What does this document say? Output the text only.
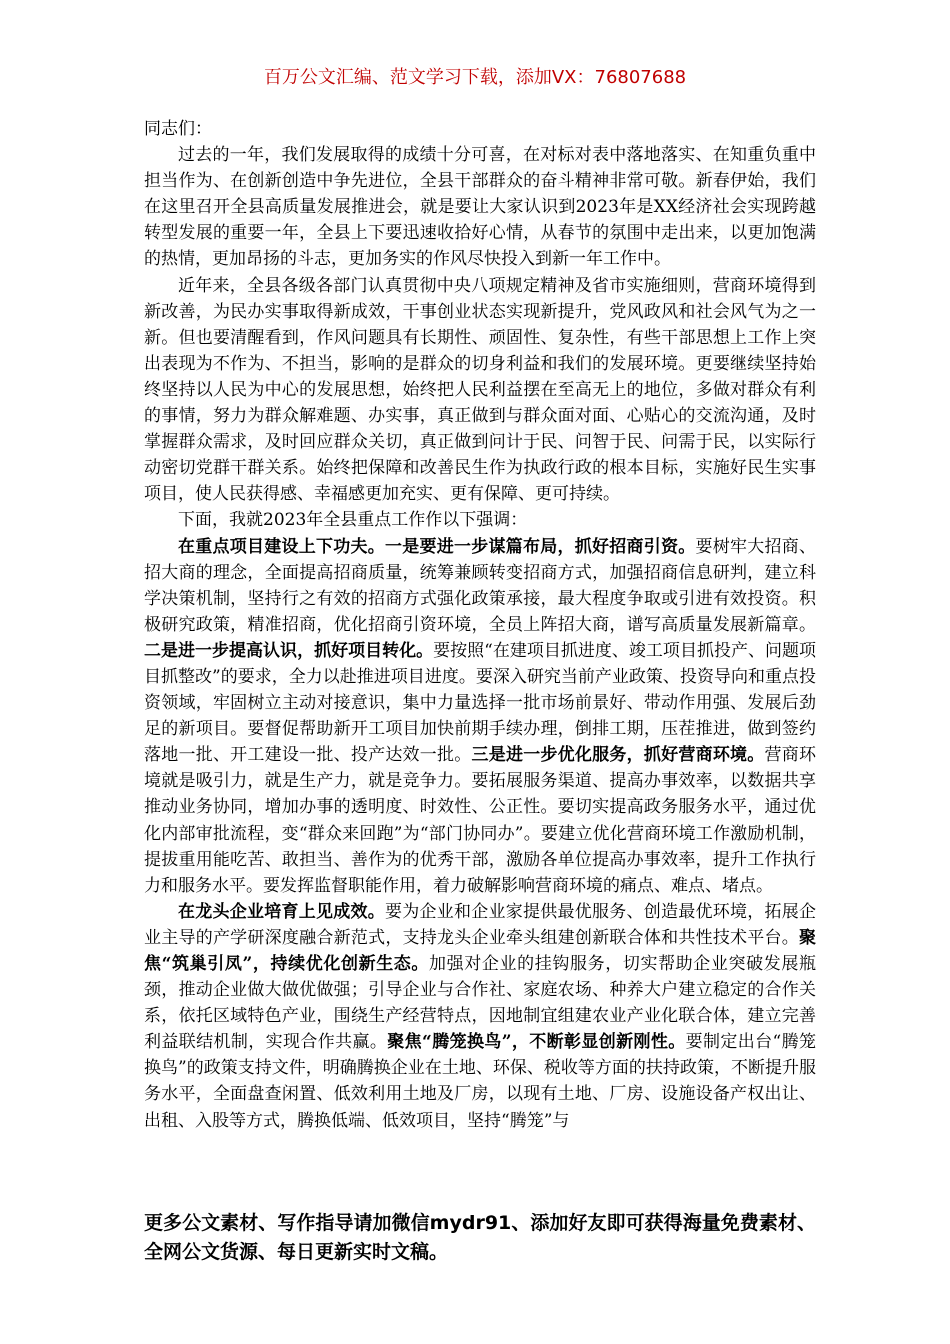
百万公文汇编、范文学习下载，添加VX：76807688

同志们：

过去的一年，我们发展取得的成绩十分可喜，在对标对表中落地落实、在知重负重中担当作为、在创新创造中争先进位，全县干部群众的奋斗精神非常可敬。新春伊始，我们在这里召开全县高质量发展推进会，就是要让大家认识到2023年是XX经济社会实现跨越转型发展的重要一年，全县上下要迅速收拾好心情，从春节的氛围中走出来，以更加饱满的热情，更加昂扬的斗志，更加务实的作风尽快投入到新一年工作中。

近年来，全县各级各部门认真贯彻中央八项规定精神及省市实施细则，营商环境得到新改善，为民办实事取得新成效，干事创业状态实现新提升，党风政风和社会风气为之一新。但也要清醒看到，作风问题具有长期性、顽固性、复杂性，有些干部思想上工作上突出表现为不作为、不担当，影响的是群众的切身利益和我们的发展环境。更要继续坚持始终坚持以人民为中心的发展思想，始终把人民利益摆在至高无上的地位，多做对群众有利的事情，努力为群众解难题、办实事，真正做到与群众面对面、心贴心的交流沟通，及时掌握群众需求，及时回应群众关切，真正做到问计于民、问智于民、问需于民，以实际行动密切党群干群关系。始终把保障和改善民生作为执政行政的根本目标，实施好民生实事项目，使人民获得感、幸福感更加充实、更有保障、更可持续。

下面，我就2023年全县重点工作作以下强调：

在重点项目建设上下功夫。一是要进一步谋篇布局，抓好招商引资。要树牢大招商、招大商的理念，全面提高招商质量，统筹兼顾转变招商方式，加强招商信息研判，建立科学决策机制，坚持行之有效的招商方式强化政策承接，最大程度争取或引进有效投资。积极研究政策，精准招商，优化招商引资环境，全员上阵招大商，谱写高质量发展新篇章。二是进一步提高认识，抓好项目转化。要按照“在建项目抓进度、竣工项目抓投产、问题项目抓整改”的要求，全力以赴推进项目进度。要深入研究当前产业政策、投资导向和重点投资领域，牢固树立主动对接意识，集中力量选择一批市场前景好、带动作用强、发展后劲足的新项目。要督促帮助新开工项目加快前期手续办理，倒排工期，压茬推进，做到签约落地一批、开工建设一批、投产达效一批。三是进一步优化服务，抓好营商环境。营商环境就是吸引力，就是生产力，就是竞争力。要拓展服务渠道、提高办事效率，以数据共享推动业务协同，增加办事的透明度、时效性、公正性。要切实提高政务服务水平，通过优化内部审批流程，变“群众来回跑”为“部门协同办”。要建立优化营商环境工作激励机制，提拔重用能吃苦、敢担当、善作为的优秀干部，激励各单位提高办事效率，提升工作执行力和服务水平。要发挥监督职能作用，着力破解影响营商环境的痛点、难点、堵点。

在龙头企业培育上见成效。要为企业和企业家提供最优服务、创造最优环境，拓展企业主导的产学研深度融合新范式，支持龙头企业牵头组建创新联合体和共性技术平台。聚焦“筑巢引凤”，持续优化创新生态。加强对企业的挂钩服务，切实帮助企业突破发展瓶颈，推动企业做大做优做强；引导企业与合作社、家庭农场、种养大户建立稳定的合作关系，依托区域特色产业，围绕生产经营特点，因地制宜组建农业产业化联合体，建立完善利益联结机制，实现合作共赢。聚焦“腾笼换鸟”，不断彰显创新刚性。要制定出台“腾笼换鸟”的政策支持文件，明确腾换企业在土地、环保、税收等方面的扶持政策，不断提升服务水平，全面盘查闲置、低效利用土地及厂房，以现有土地、厂房、设施设备产权出让、出租、入股等方式，腾换低端、低效项目，坚持“腾笼”与

更多公文素材、写作指导请加微信mydr91、添加好友即可获得海量免费素材、全网公文货源、每日更新实时文稿。
